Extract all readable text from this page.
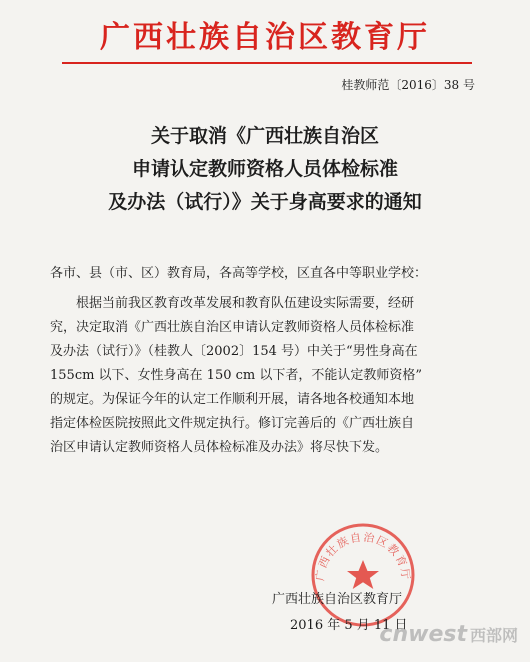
广西壮族自治区教育厅
桂教师范〔2016〕38 号
关于取消《广西壮族自治区
申请认定教师资格人员体检标准
及办法（试行）》关于身高要求的通知
各市、县（市、区）教育局，各高等学校，区直各中等职业学校：
根据当前我区教育改革发展和教育队伍建设实际需要，经研
究，决定取消《广西壮族自治区申请认定教师资格人员体检标准
及办法（试行）》（桂教人〔2002〕154 号）中关于“男性身高在
155cm 以下、女性身高在 150 cm 以下者，不能认定教师资格”
的规定。为保证今年的认定工作顺利开展，请各地各校通知本地
指定体检医院按照此文件规定执行。修订完善后的《广西壮族自
治区申请认定教师资格人员体检标准及办法》将尽快下发。
广西壮族自治区教育厅
广西壮族自治区教育厅
2016 年 5 月 11 日
cnwest 西部网
